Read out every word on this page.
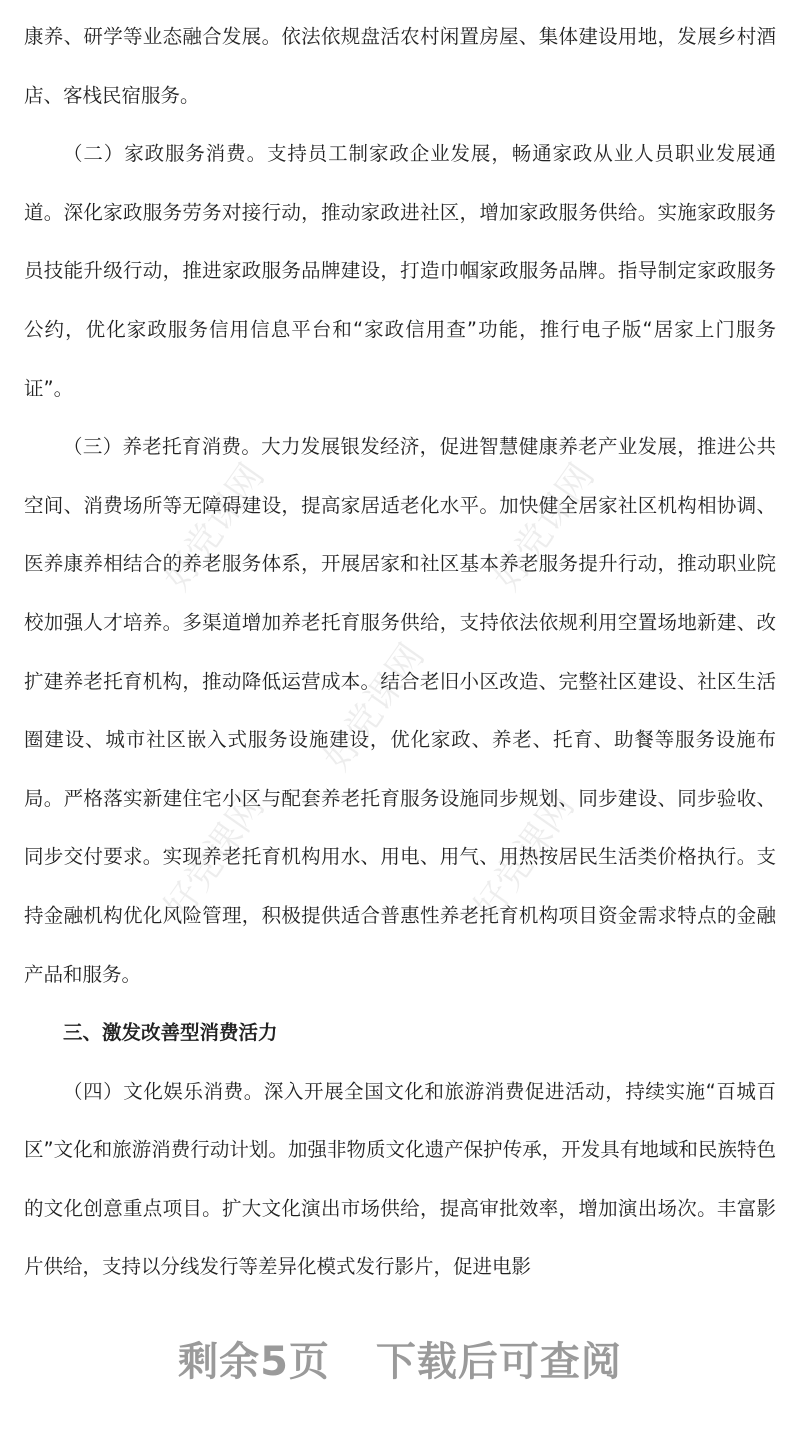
好党课网	好党课网
好党课网
好党课网	好党课网

康养、研学等业态融合发展。依法依规盘活农村闲置房屋、集体建设用地，发展乡村酒店、客栈民宿服务。

（二）家政服务消费。支持员工制家政企业发展，畅通家政从业人员职业发展通道。深化家政服务劳务对接行动，推动家政进社区，增加家政服务供给。实施家政服务员技能升级行动，推进家政服务品牌建设，打造巾帼家政服务品牌。指导制定家政服务公约，优化家政服务信用信息平台和“家政信用查”功能，推行电子版“居家上门服务证”。

（三）养老托育消费。大力发展银发经济，促进智慧健康养老产业发展，推进公共空间、消费场所等无障碍建设，提高家居适老化水平。加快健全居家社区机构相协调、医养康养相结合的养老服务体系，开展居家和社区基本养老服务提升行动，推动职业院校加强人才培养。多渠道增加养老托育服务供给，支持依法依规利用空置场地新建、改扩建养老托育机构，推动降低运营成本。结合老旧小区改造、完整社区建设、社区生活圈建设、城市社区嵌入式服务设施建设，优化家政、养老、托育、助餐等服务设施布局。严格落实新建住宅小区与配套养老托育服务设施同步规划、同步建设、同步验收、同步交付要求。实现养老托育机构用水、用电、用气、用热按居民生活类价格执行。支持金融机构优化风险管理，积极提供适合普惠性养老托育机构项目资金需求特点的金融产品和服务。

三、激发改善型消费活力

（四）文化娱乐消费。深入开展全国文化和旅游消费促进活动，持续实施“百城百区”文化和旅游消费行动计划。加强非物质文化遗产保护传承，开发具有地域和民族特色的文化创意重点项目。扩大文化演出市场供给，提高审批效率，增加演出场次。丰富影片供给，支持以分线发行等差异化模式发行影片，促进电影

剩余5页 下载后可查阅
